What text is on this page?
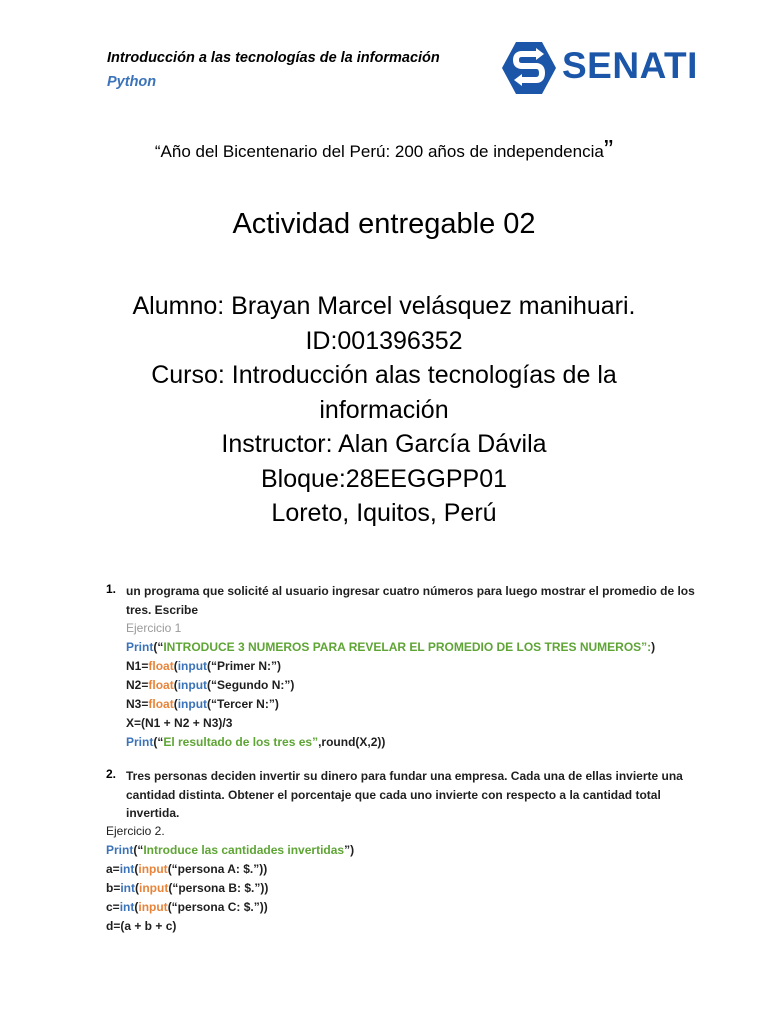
Introducción a las tecnologías de la información
Python	SENATI
“Año del Bicentenario del Perú: 200 años de independencia”
Actividad entregable 02
Alumno: Brayan Marcel velásquez manihuari.
ID:001396352
Curso: Introducción alas tecnologías de la
información
Instructor: Alan García Dávila
Bloque:28EEGGPP01
Loreto, Iquitos, Perú
1. un programa que solicité al usuario ingresar cuatro números para luego mostrar el promedio de los tres. Escribe
Ejercicio 1
Print(“INTRODUCE 3 NUMEROS PARA REVELAR EL PROMEDIO DE LOS TRES NUMEROS”:)
N1=float(input(“Primer N:”)
N2=float(input(“Segundo N:”)
N3=float(input(“Tercer N:”)
X=(N1 + N2 + N3)/3
Print(“El resultado de los tres es”,round(X,2))
2. Tres personas deciden invertir su dinero para fundar una empresa. Cada una de ellas invierte una cantidad distinta. Obtener el porcentaje que cada uno invierte con respecto a la cantidad total invertida.
Ejercicio 2.
Print(“Introduce las cantidades invertidas”)
a=int(input(“persona A: $.”))
b=int(input(“persona B: $.”))
c=int(input(“persona C: $.”))
d=(a + b + c)
